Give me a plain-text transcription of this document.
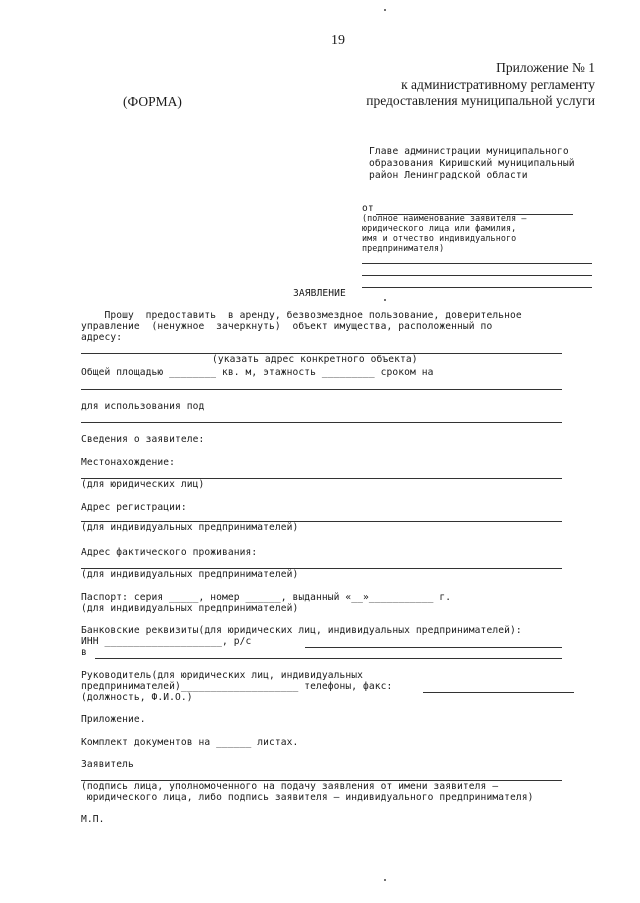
19
Приложение № 1
к административному регламенту
предоставления муниципальной услуги
(ФОРМА)
Главе администрации муниципального
образования Киришский муниципальный
район Ленинградской области
от
(полное наименование заявителя –
юридического лица или фамилия,
имя и отчество индивидуального
предпринимателя)
ЗАЯВЛЕНИЕ
Прошу  предоставить  в аренду, безвозмездное пользование, доверительное
управление  (ненужное  зачеркнуть)  объект имущества, расположенный по
адресу:
(указать адрес конкретного объекта)
Общей площадью ________ кв. м, этажность _________ сроком на
для использования под
Сведения о заявителе:
Местонахождение:
(для юридических лиц)
Адрес регистрации:
(для индивидуальных предпринимателей)
Адрес фактического проживания:
(для индивидуальных предпринимателей)
Паспорт: серия _____, номер ______, выданный «__»___________ г.
(для индивидуальных предпринимателей)
Банковские реквизиты(для юридических лиц, индивидуальных предпринимателей):
ИНН ____________________, р/с
в
Руководитель(для юридических лиц, индивидуальных
предпринимателей)____________________ телефоны, факс:
(должность, Ф.И.О.)
Приложение.
Комплект документов на ______ листах.
Заявитель
(подпись лица, уполномоченного на подачу заявления от имени заявителя –
юридического лица, либо подпись заявителя – индивидуального предпринимателя)
М.П.
